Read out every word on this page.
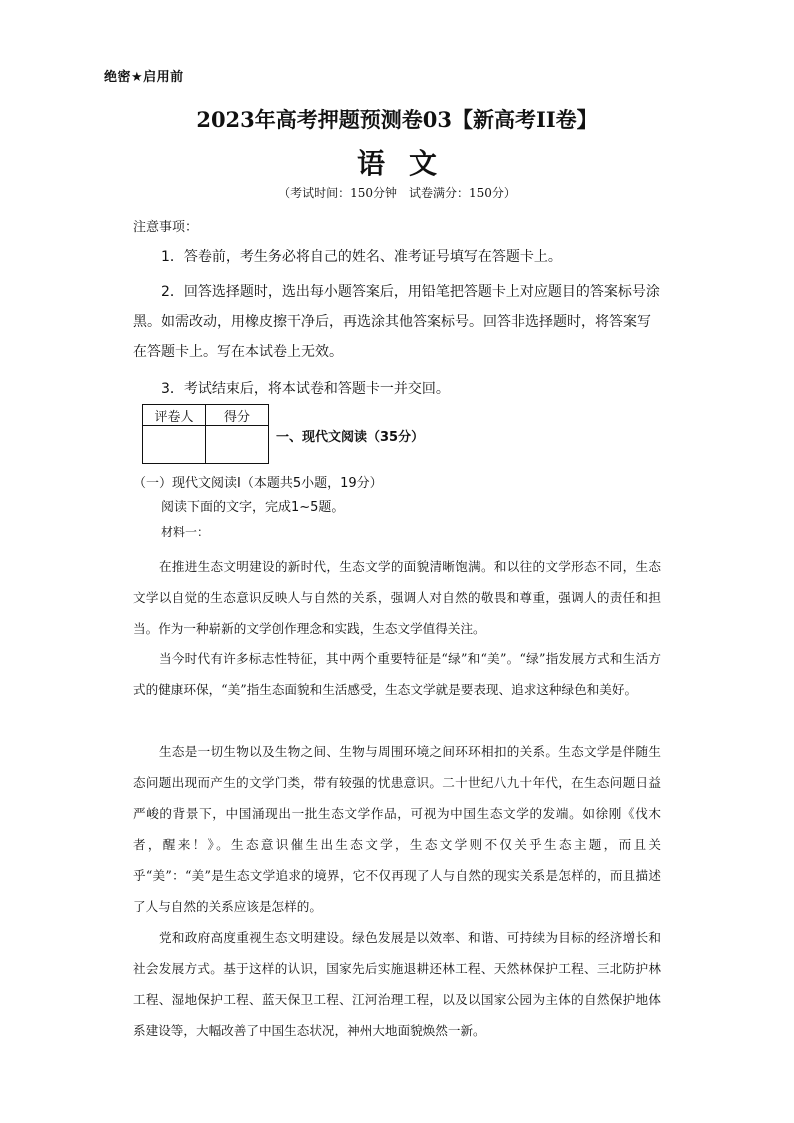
绝密★启用前
2023年高考押题预测卷03【新高考II卷】
语文
（考试时间：150分钟　试卷满分：150分）
注意事项：

1．答卷前，考生务必将自己的姓名、准考证号填写在答题卡上。

2．回答选择题时，选出每小题答案后，用铅笔把答题卡上对应题目的答案标号涂黑。如需改动，用橡皮擦干净后，再选涂其他答案标号。回答非选择题时，将答案写在答题卡上。写在本试卷上无效。

3．考试结束后，将本试卷和答题卡一并交回。

评卷人	得分

一、现代文阅读（35分）
（一）现代文阅读Ⅰ（本题共5小题，19分）
阅读下面的文字，完成1~5题。
材料一：

在推进生态文明建设的新时代，生态文学的面貌清晰饱满。和以往的文学形态不同，生态文学以自觉的生态意识反映人与自然的关系，强调人对自然的敬畏和尊重，强调人的责任和担当。作为一种崭新的文学创作理念和实践，生态文学值得关注。

当今时代有许多标志性特征，其中两个重要特征是“绿”和“美”。“绿”指发展方式和生活方式的健康环保，“美”指生态面貌和生活感受，生态文学就是要表现、追求这种绿色和美好。

生态是一切生物以及生物之间、生物与周围环境之间环环相扣的关系。生态文学是伴随生态问题出现而产生的文学门类，带有较强的忧患意识。二十世纪八九十年代，在生态问题日益严峻的背景下，中国涌现出一批生态文学作品，可视为中国生态文学的发端。如徐刚《伐木者，醒来！》。生态意识催生出生态文学，生态文学则不仅关乎生态主题，而且关乎“美”：“美”是生态文学追求的境界，它不仅再现了人与自然的现实关系是怎样的，而且描述了人与自然的关系应该是怎样的。

党和政府高度重视生态文明建设。绿色发展是以效率、和谐、可持续为目标的经济增长和社会发展方式。基于这样的认识，国家先后实施退耕还林工程、天然林保护工程、三北防护林工程、湿地保护工程、蓝天保卫工程、江河治理工程，以及以国家公园为主体的自然保护地体系建设等，大幅改善了中国生态状况，神州大地面貌焕然一新。
